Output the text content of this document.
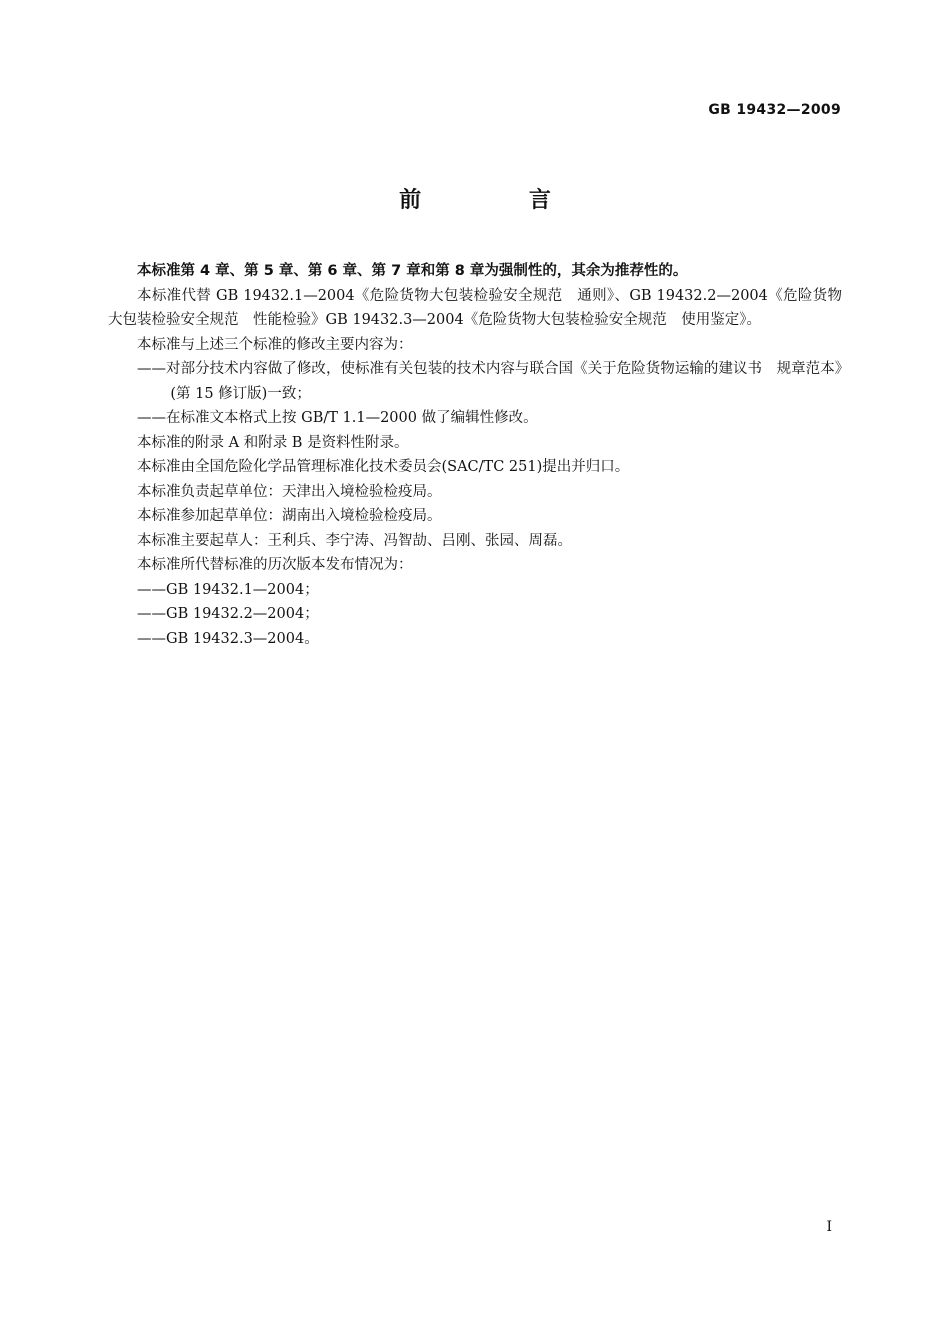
GB 19432—2009
前 言

本标准第 4 章、第 5 章、第 6 章、第 7 章和第 8 章为强制性的，其余为推荐性的。

本标准代替 GB 19432.1—2004《危险货物大包装检验安全规范　通则》、GB 19432.2—2004《危险货物大包装检验安全规范　性能检验》GB 19432.3—2004《危险货物大包装检验安全规范　使用鉴定》。

本标准与上述三个标准的修改主要内容为：

——对部分技术内容做了修改，使标准有关包装的技术内容与联合国《关于危险货物运输的建议书　规章范本》(第 15 修订版)一致；

——在标准文本格式上按 GB/T 1.1—2000 做了编辑性修改。

本标准的附录 A 和附录 B 是资料性附录。

本标准由全国危险化学品管理标准化技术委员会(SAC/TC 251)提出并归口。

本标准负责起草单位：天津出入境检验检疫局。

本标准参加起草单位：湖南出入境检验检疫局。

本标准主要起草人：王利兵、李宁涛、冯智劼、吕刚、张园、周磊。

本标准所代替标准的历次版本发布情况为：

——GB 19432.1—2004；

——GB 19432.2—2004；

——GB 19432.3—2004。

I
